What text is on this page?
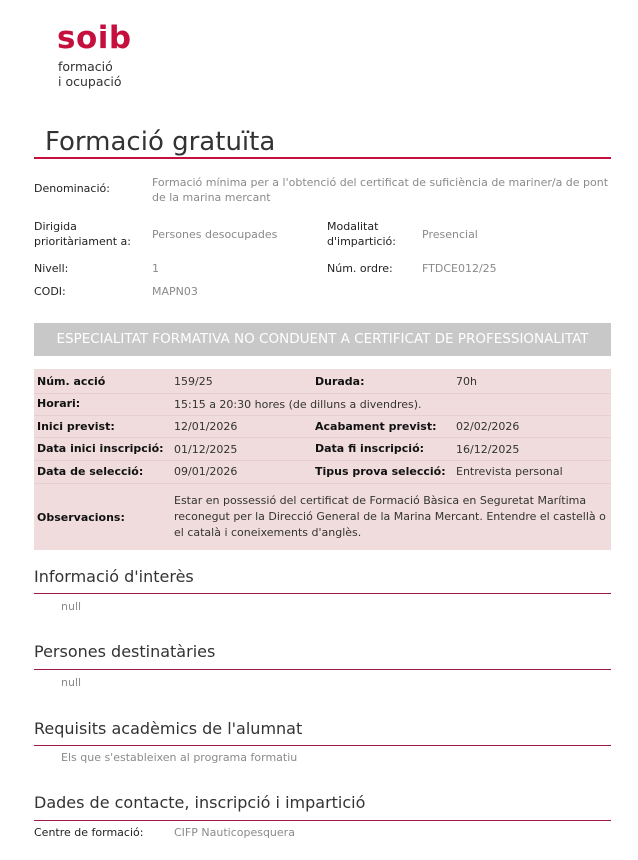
soib
formació
i ocupació
Formació gratuïta
Denominació:	Formació mínima per a l'obtenció del certificat de suficiència de mariner/a de pont de la marina mercant
Dirigida prioritàriament a:
Persones desocupades
Modalitat d'impartició:
Presencial
Nivell:	1	Núm. ordre:	FTDCE012/25
CODI:	MAPN03
ESPECIALITAT FORMATIVA NO CONDUENT A CERTIFICAT DE PROFESSIONALITAT
Núm. acció	159/25	Durada:	70h
Horari:	15:15 a 20:30 hores (de dilluns a divendres).
Inici previst:	12/01/2026	Acabament previst: 02/02/2026
Data inici inscripció: 01/12/2025	Data fi inscripció:	16/12/2025
Data de selecció:	09/01/2026	Tipus prova selecció: Entrevista personal
Observacions:
Estar en possessió del certificat de Formació Bàsica en Seguretat Marítima reconegut per la Direcció General de la Marina Mercant. Entendre el castellà o el català i coneixements d'anglès.
Informació d'interès
null
Persones destinatàries
null
Requisits acadèmics de l'alumnat
Els que s'estableixen al programa formatiu
Dades de contacte, inscripció i impartició
Centre de formació:	CIFP Nauticopesquera
